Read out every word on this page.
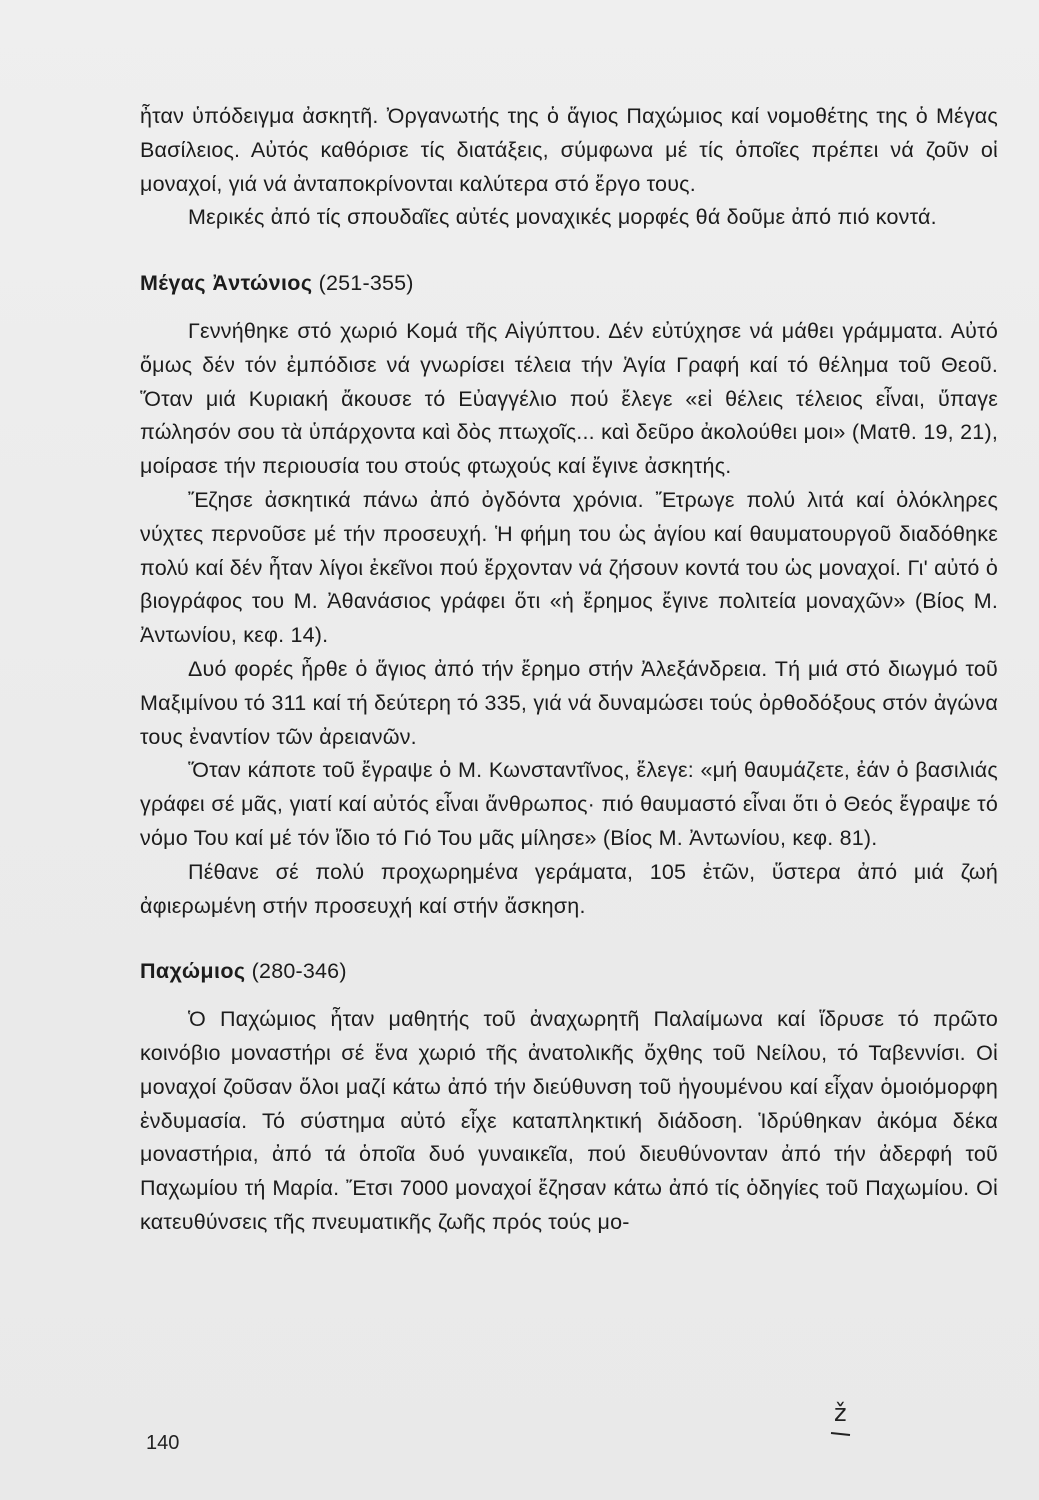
ἦταν ὑπόδειγμα ἀσκητῆ. Ὀργανωτής της ὁ ἅγιος Παχώμιος καί νομοθέτης της ὁ Μέγας Βασίλειος. Αὐτός καθόρισε τίς διατάξεις, σύμφωνα μέ τίς ὁποῖες πρέπει νά ζοῦν οἱ μοναχοί, γιά νά ἀνταποκρίνονται καλύτερα στό ἔργο τους.

Μερικές ἀπό τίς σπουδαῖες αὐτές μοναχικές μορφές θά δοῦμε ἀπό πιό κοντά.

Μέγας Ἀντώνιος (251-355)

Γεννήθηκε στό χωριό Κομά τῆς Αἰγύπτου. Δέν εὐτύχησε νά μάθει γράμματα. Αὐτό ὅμως δέν τόν ἐμπόδισε νά γνωρίσει τέλεια τήν Ἁγία Γραφή καί τό θέλημα τοῦ Θεοῦ. Ὅταν μιά Κυριακή ἄκουσε τό Εὐαγγέλιο πού ἔλεγε «εἰ θέλεις τέλειος εἶναι, ὕπαγε πώλησόν σου τὰ ὑπάρχοντα καὶ δὸς πτωχοῖς... καὶ δεῦρο ἀκολούθει μοι» (Ματθ. 19, 21), μοίρασε τήν περιουσία του στούς φτωχούς καί ἔγινε ἀσκητής.

Ἔζησε ἀσκητικά πάνω ἀπό ὀγδόντα χρόνια. Ἔτρωγε πολύ λιτά καί ὁλόκληρες νύχτες περνοῦσε μέ τήν προσευχή. Ἡ φήμη του ὡς ἁγίου καί θαυματουργοῦ διαδόθηκε πολύ καί δέν ἦταν λίγοι ἐκεῖνοι πού ἔρχονταν νά ζήσουν κοντά του ὡς μοναχοί. Γι' αὐτό ὁ βιογράφος του Μ. Ἀθανάσιος γράφει ὅτι «ἡ ἔρημος ἔγινε πολιτεία μοναχῶν» (Βίος Μ. Ἀντωνίου, κεφ. 14).

Δυό φορές ἦρθε ὁ ἅγιος ἀπό τήν ἔρημο στήν Ἀλεξάνδρεια. Τή μιά στό διωγμό τοῦ Μαξιμίνου τό 311 καί τή δεύτερη τό 335, γιά νά δυναμώσει τούς ὀρθοδόξους στόν ἀγώνα τους ἐναντίον τῶν ἀρειανῶν.

Ὅταν κάποτε τοῦ ἔγραψε ὁ Μ. Κωνσταντῖνος, ἔλεγε: «μή θαυμάζετε, ἐάν ὁ βασιλιάς γράφει σέ μᾶς, γιατί καί αὐτός εἶναι ἄνθρωπος· πιό θαυμαστό εἶναι ὅτι ὁ Θεός ἔγραψε τό νόμο Του καί μέ τόν ἴδιο τό Γιό Του μᾶς μίλησε» (Βίος Μ. Ἀντωνίου, κεφ. 81).

Πέθανε σέ πολύ προχωρημένα γεράματα, 105 ἐτῶν, ὕστερα ἀπό μιά ζωή ἀφιερωμένη στήν προσευχή καί στήν ἄσκηση.

Παχώμιος (280-346)

Ὁ Παχώμιος ἦταν μαθητής τοῦ ἀναχωρητῆ Παλαίμωνα καί ἵδρυσε τό πρῶτο κοινόβιο μοναστήρι σέ ἕνα χωριό τῆς ἀνατολικῆς ὄχθης τοῦ Νείλου, τό Ταβεννίσι. Οἱ μοναχοί ζοῦσαν ὅλοι μαζί κάτω ἀπό τήν διεύθυνση τοῦ ἡγουμένου καί εἶχαν ὁμοιόμορφη ἐνδυμασία. Τό σύστημα αὐτό εἶχε καταπληκτική διάδοση. Ἱδρύθηκαν ἀκόμα δέκα μοναστήρια, ἀπό τά ὁποῖα δυό γυναικεῖα, πού διευθύνονταν ἀπό τήν ἀδερφή τοῦ Παχωμίου τή Μαρία. Ἔτσι 7000 μοναχοί ἔζησαν κάτω ἀπό τίς ὁδηγίες τοῦ Παχωμίου. Οἱ κατευθύνσεις τῆς πνευματικῆς ζωῆς πρός τούς μο-

140
ž
